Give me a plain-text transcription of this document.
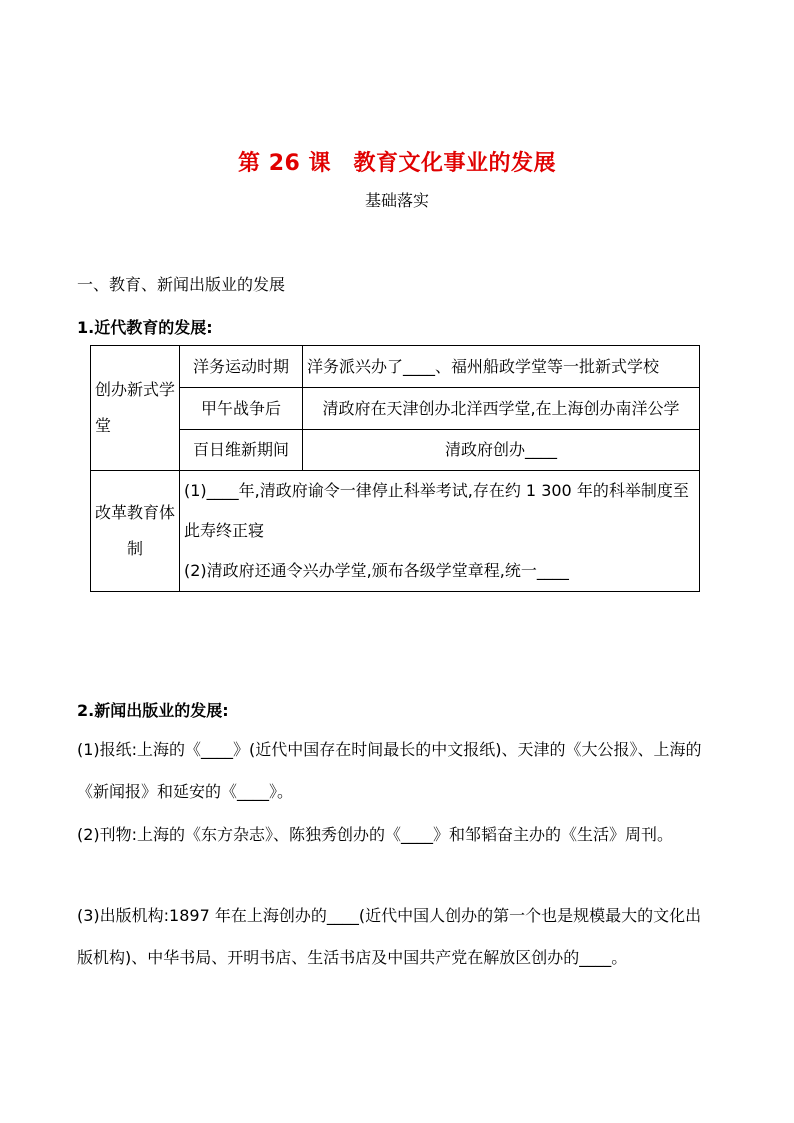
第 26 课　教育文化事业的发展
基础落实
一、教育、新闻出版业的发展
1.近代教育的发展:
创办新式学堂	洋务运动时期	洋务派兴办了____、福州船政学堂等一批新式学校
	甲午战争后	清政府在天津创办北洋西学堂,在上海创办南洋公学
	百日维新期间	清政府创办____
改革教育体制	(1)____年,清政府谕令一律停止科举考试,存在约 1 300 年的科举制度至此寿终正寝
(2)清政府还通令兴办学堂,颁布各级学堂章程,统一____	
2.新闻出版业的发展:
(1)报纸:上海的《____》(近代中国存在时间最长的中文报纸)、天津的《大公报》、上海的《新闻报》和延安的《____》。
(2)刊物:上海的《东方杂志》、陈独秀创办的《____》和邹韬奋主办的《生活》周刊。
(3)出版机构:1897 年在上海创办的____(近代中国人创办的第一个也是规模最大的文化出版机构)、中华书局、开明书店、生活书店及中国共产党在解放区创办的____。
